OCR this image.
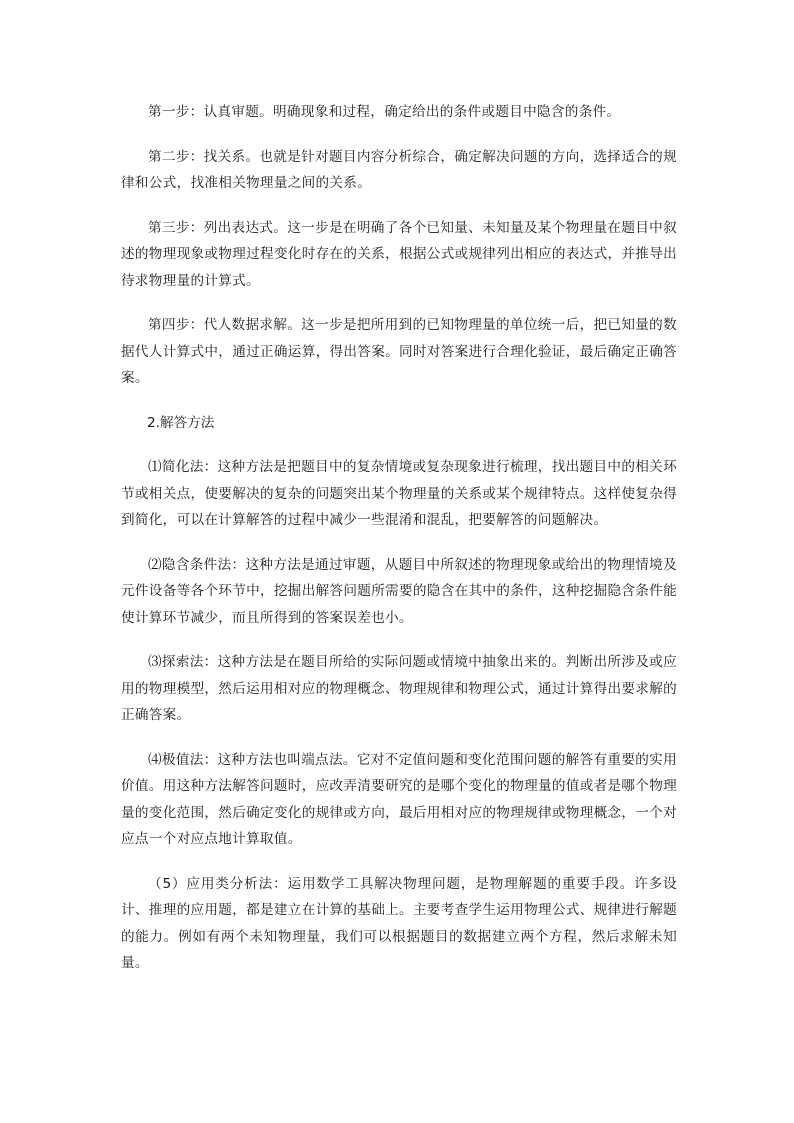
第一步：认真审题。明确现象和过程，确定给出的条件或题目中隐含的条件。

第二步：找关系。也就是针对题目内容分析综合，确定解决问题的方向，选择适合的规律和公式，找准相关物理量之间的关系。

第三步：列出表达式。这一步是在明确了各个已知量、未知量及某个物理量在题目中叙述的物理现象或物理过程变化时存在的关系，根据公式或规律列出相应的表达式，并推导出待求物理量的计算式。

第四步：代人数据求解。这一步是把所用到的已知物理量的单位统一后，把已知量的数据代人计算式中，通过正确运算，得出答案。同时对答案进行合理化验证，最后确定正确答案。

2.解答方法

⑴简化法：这种方法是把题目中的复杂情境或复杂现象进行梳理，找出题目中的相关环节或相关点，使要解决的复杂的问题突出某个物理量的关系或某个规律特点。这样使复杂得到简化，可以在计算解答的过程中减少一些混淆和混乱，把要解答的问题解决。

⑵隐含条件法：这种方法是通过审题，从题目中所叙述的物理现象或给出的物理情境及元件设备等各个环节中，挖掘出解答问题所需要的隐含在其中的条件，这种挖掘隐含条件能使计算环节减少，而且所得到的答案误差也小。

⑶探索法：这种方法是在题目所给的实际问题或情境中抽象出来的。判断出所涉及或应用的物理模型，然后运用相对应的物理概念、物理规律和物理公式，通过计算得出要求解的正确答案。

⑷极值法：这种方法也叫端点法。它对不定值问题和变化范围问题的解答有重要的实用价值。用这种方法解答问题时，应改弄清要研究的是哪个变化的物理量的值或者是哪个物理量的变化范围，然后确定变化的规律或方向，最后用相对应的物理规律或物理概念，一个对应点一个对应点地计算取值。

（5）应用类分析法：运用数学工具解决物理问题，是物理解题的重要手段。许多设计、推理的应用题，都是建立在计算的基础上。主要考查学生运用物理公式、规律进行解题的能力。例如有两个未知物理量，我们可以根据题目的数据建立两个方程，然后求解未知量。
